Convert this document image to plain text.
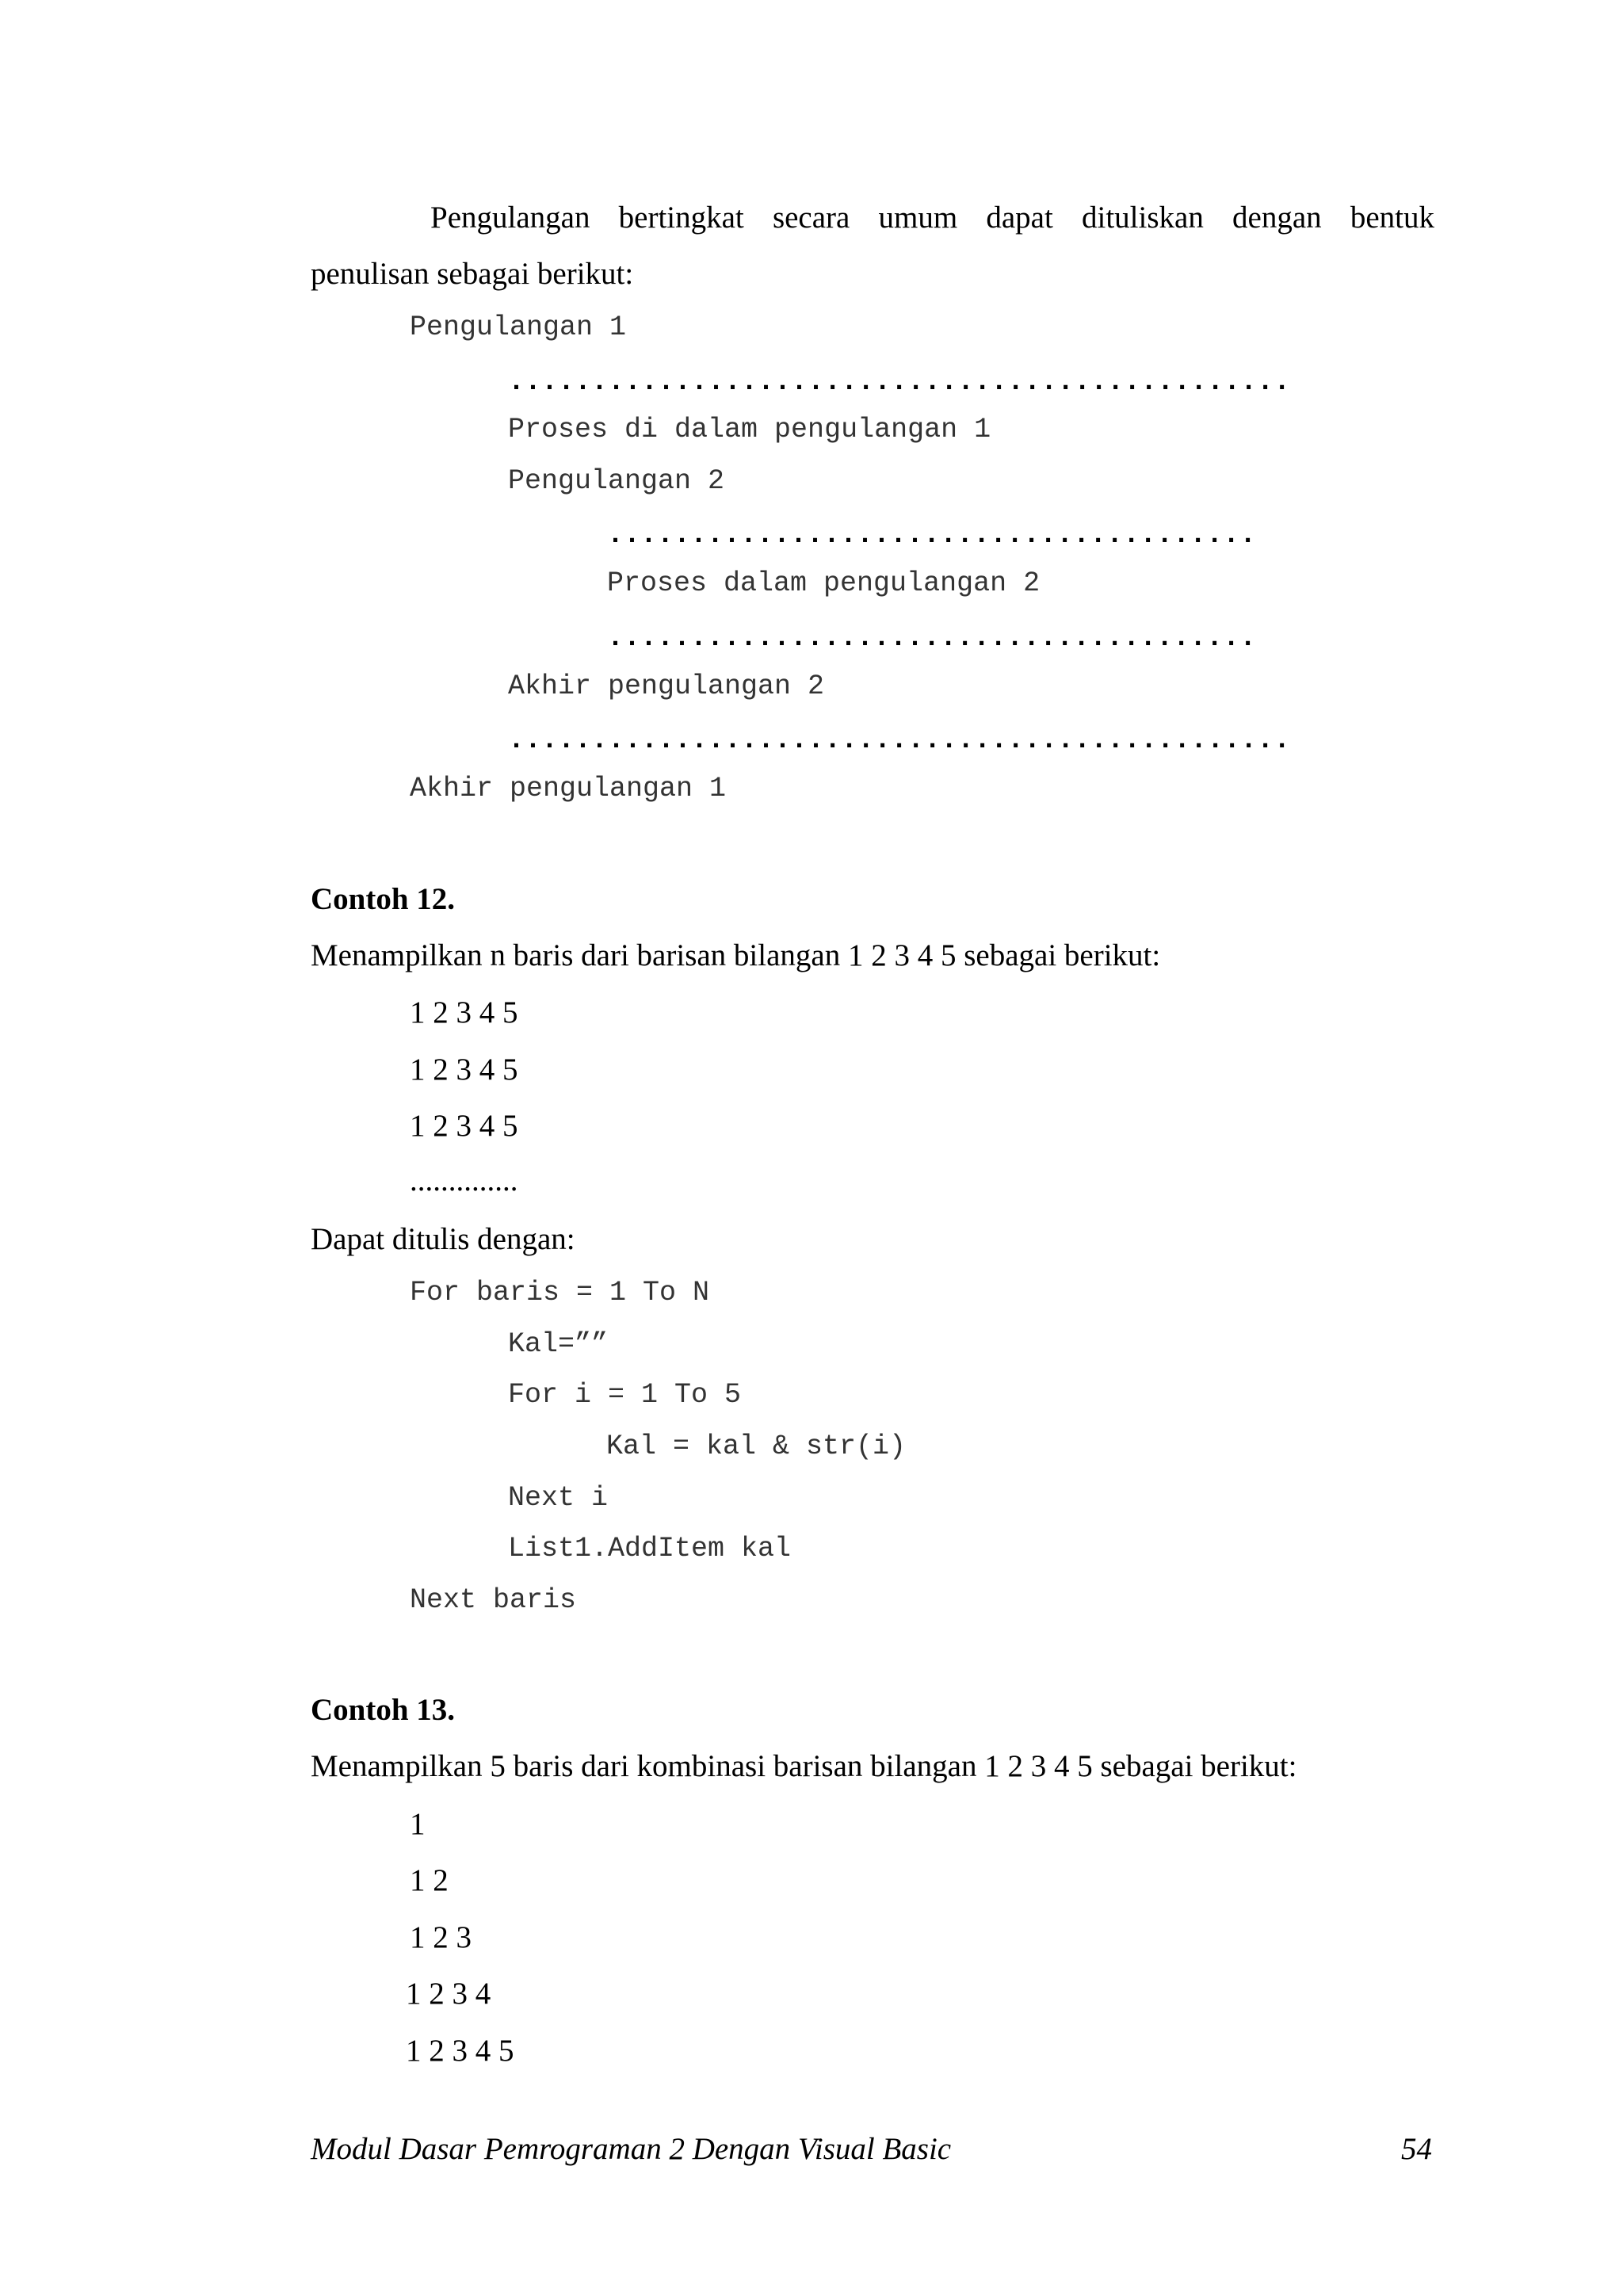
Pengulangan bertingkat secara umum dapat dituliskan dengan bentuk
penulisan sebagai berikut:
Pengulangan 1
...............................................
Proses di dalam pengulangan 1
Pengulangan 2
.......................................
Proses dalam pengulangan 2
.......................................
Akhir pengulangan 2
...............................................
Akhir pengulangan 1
Contoh 12.
Menampilkan n baris dari barisan bilangan 1 2 3 4 5 sebagai berikut:
1 2 3 4 5
1 2 3 4 5
1 2 3 4 5
..............
Dapat ditulis dengan:
For baris = 1 To N
Kal=””
For i = 1 To 5
Kal = kal & str(i)
Next i
List1.AddItem kal
Next baris
Contoh 13.
Menampilkan 5 baris dari kombinasi barisan bilangan 1 2 3 4 5 sebagai berikut:
1
1 2
1 2 3
1 2 3 4
1 2 3 4 5
Modul Dasar Pemrograman 2 Dengan Visual Basic	54
